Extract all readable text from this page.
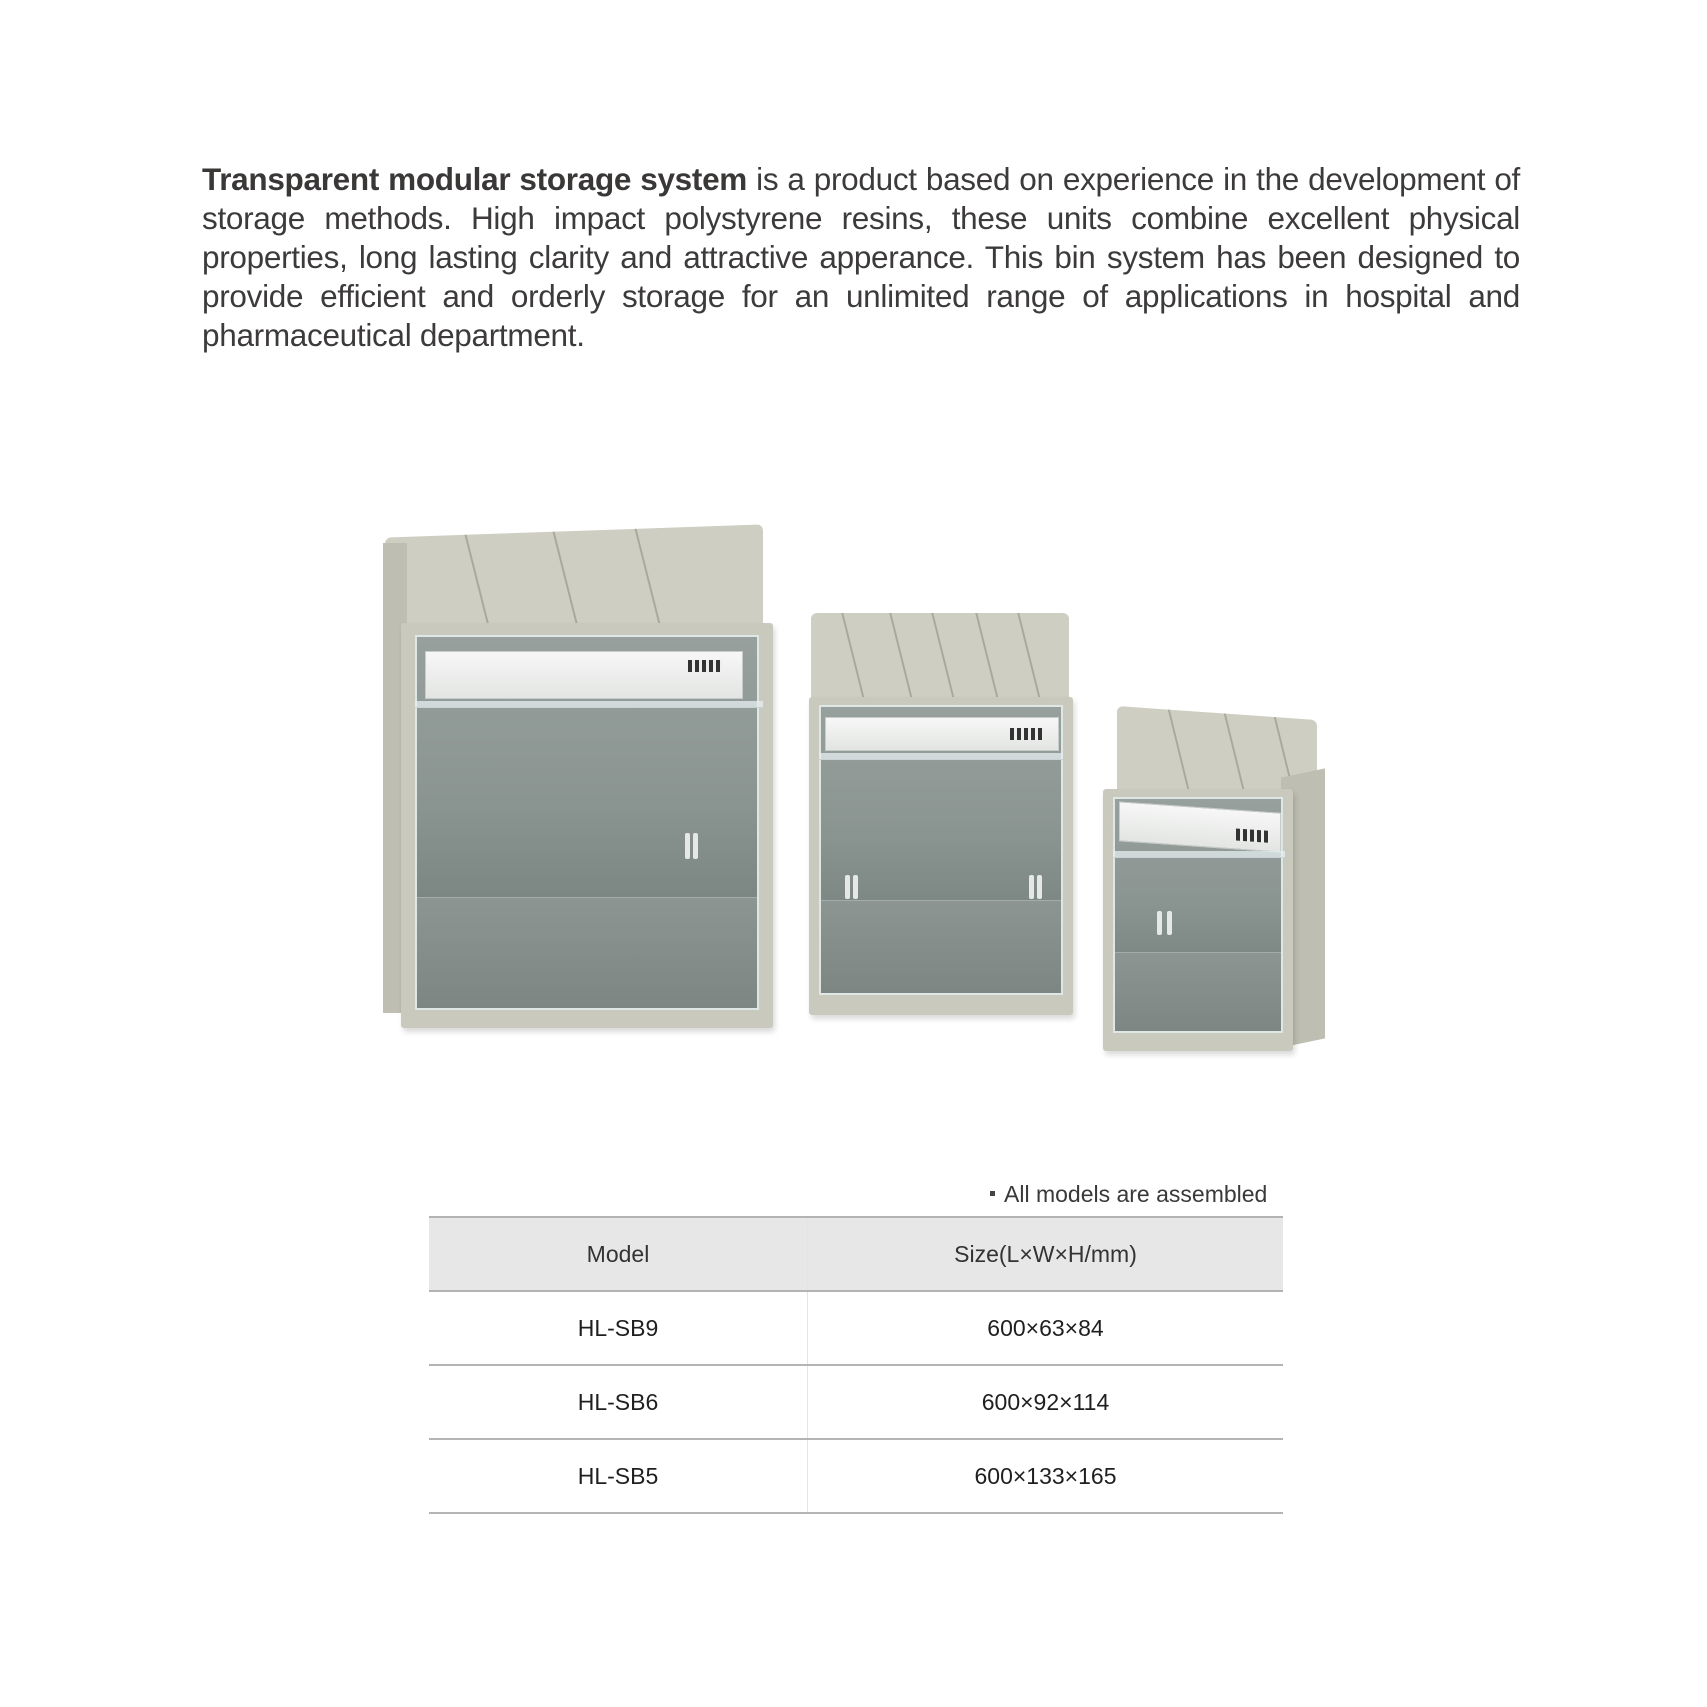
Transparent modular storage system is a product based on experience in the development of storage methods. High impact polystyrene resins, these units combine excellent physical properties, long lasting clarity and attractive apperance. This bin system has been designed to provide efficient and orderly storage for an unlimited range of applications in hospital and pharmaceutical department.

All models are assembled
Model	Size(L×W×H/mm)
HL-SB9	600×63×84
HL-SB6	600×92×114
HL-SB5	600×133×165
